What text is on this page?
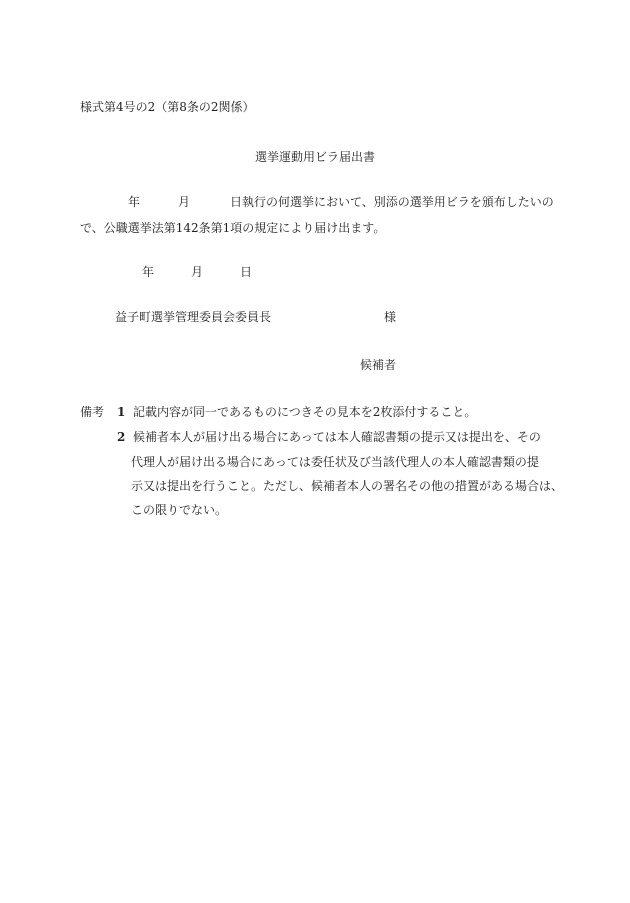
様式第4号の2（第8条の2関係）
選挙運動用ビラ届出書
年	月	日執行の何選挙において、別添の選挙用ビラを頒布したいの
で、公職選挙法第142条第1項の規定により届け出ます。
年	月	日
益子町選挙管理委員会委員長	様
候補者
備考 1 記載内容が同一であるものにつきその見本を2枚添付すること。
2 候補者本人が届け出る場合にあっては本人確認書類の提示又は提出を、その
代理人が届け出る場合にあっては委任状及び当該代理人の本人確認書類の提
示又は提出を行うこと。ただし、候補者本人の署名その他の措置がある場合は、
この限りでない。
